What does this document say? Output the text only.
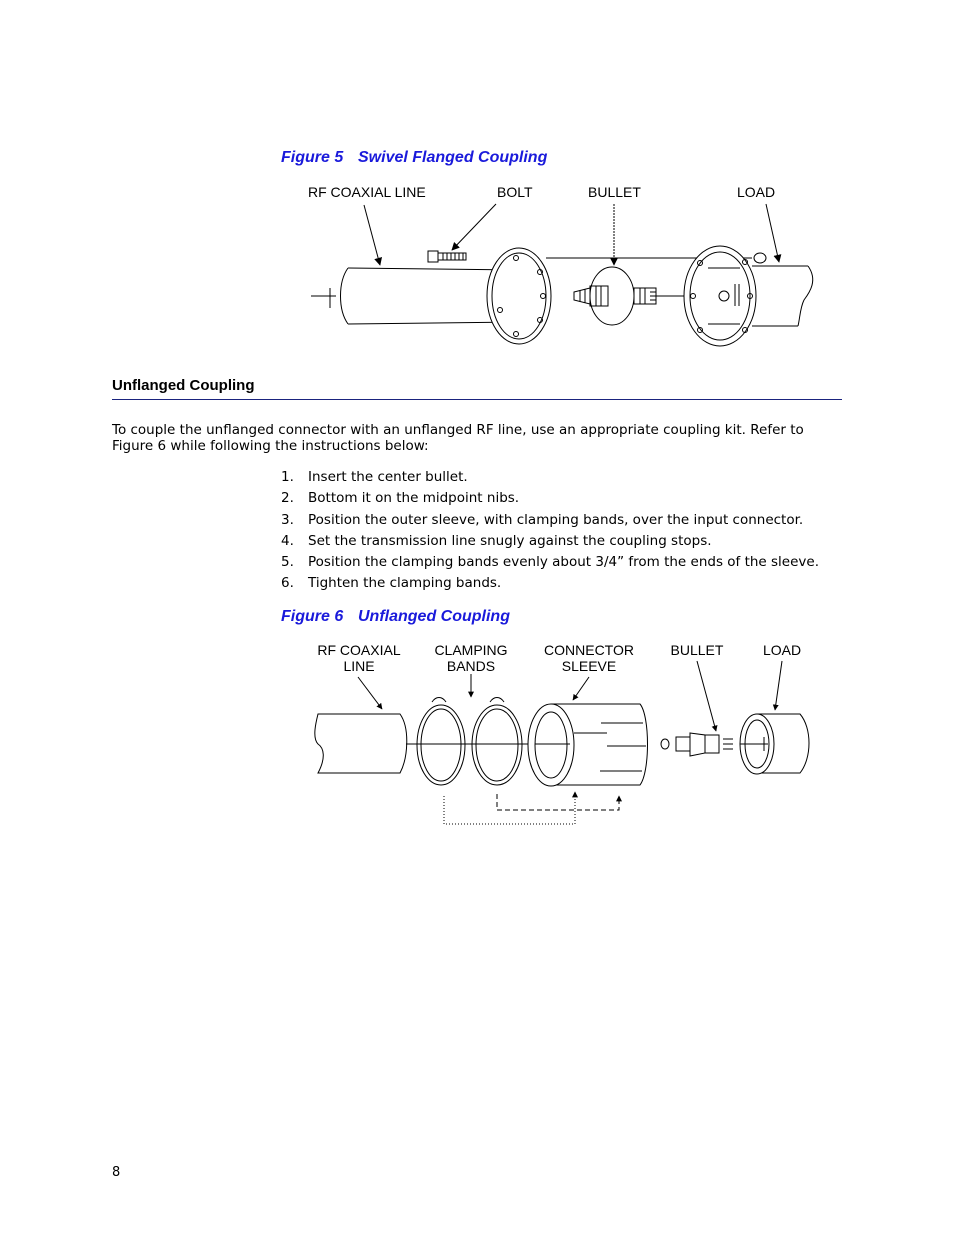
Figure 5 Swivel Flanged Coupling
RF COAXIAL LINE	BOLT	BULLET	LOAD
Unflanged Coupling
To couple the unflanged connector with an unflanged RF line, use an appropriate coupling kit. Refer to Figure 6 while following the instructions below:
1. Insert the center bullet.
2. Bottom it on the midpoint nibs.
3. Position the outer sleeve, with clamping bands, over the input connector.
4. Set the transmission line snugly against the coupling stops.
5. Position the clamping bands evenly about 3/4” from the ends of the sleeve.
6. Tighten the clamping bands.
Figure 6 Unflanged Coupling
RF COAXIAL
LINE
CLAMPING
BANDS
CONNECTOR
SLEEVE
BULLET	LOAD
8
